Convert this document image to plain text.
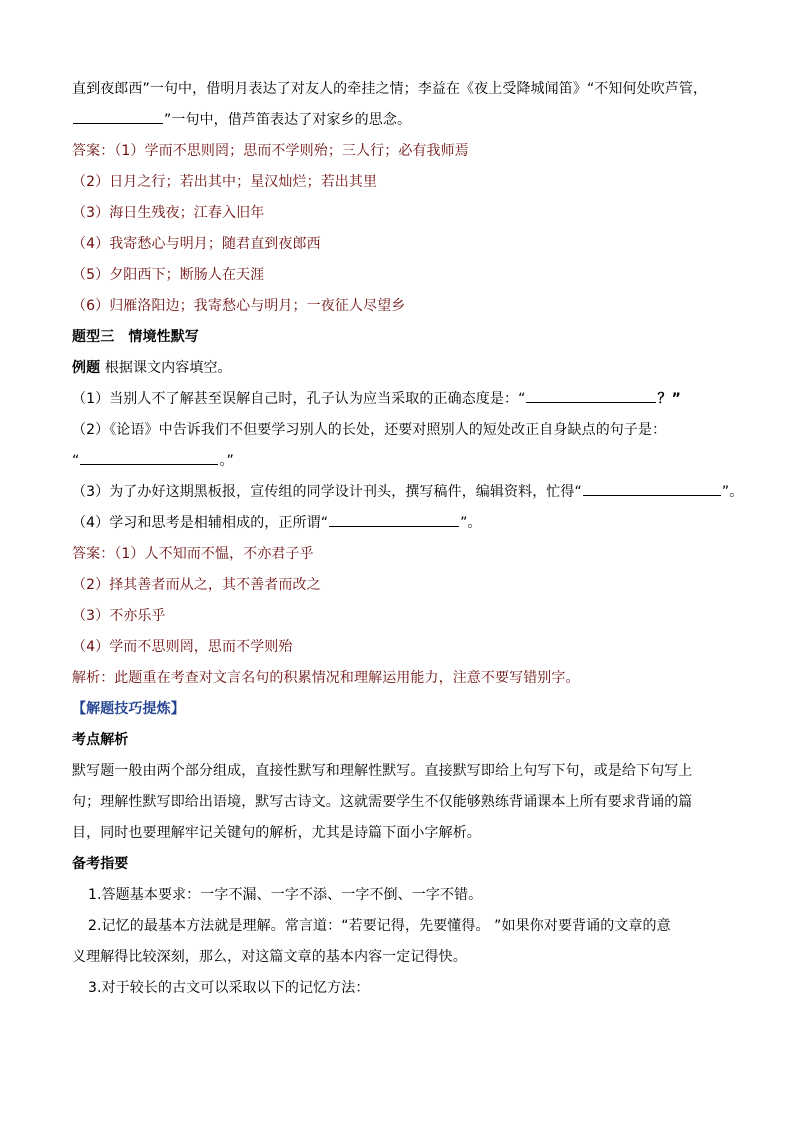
直到夜郎西”一句中，借明月表达了对友人的牵挂之情；李益在《夜上受降城闻笛》“不知何处吹芦管，
”一句中，借芦笛表达了对家乡的思念。
答案：（1）学而不思则罔；思而不学则殆；三人行；必有我师焉
（2）日月之行；若出其中；星汉灿烂；若出其里
（3）海日生残夜；江春入旧年
（4）我寄愁心与明月；随君直到夜郎西
（5）夕阳西下；断肠人在天涯
（6）归雁洛阳边；我寄愁心与明月；一夜征人尽望乡
题型三　情境性默写
例题 根据课文内容填空。
（1）当别人不了解甚至误解自己时，孔子认为应当采取的正确态度是：“	？”
（2）《论语》中告诉我们不但要学习别人的长处，还要对照别人的短处改正自身缺点的句子是：
“	。”
（3）为了办好这期黑板报，宣传组的同学设计刊头，撰写稿件，编辑资料，忙得“	”。
（4）学习和思考是相辅相成的，正所谓“	”。
答案：（1）人不知而不愠，不亦君子乎
（2）择其善者而从之，其不善者而改之
（3）不亦乐乎
（4）学而不思则罔，思而不学则殆
解析：此题重在考查对文言名句的积累情况和理解运用能力，注意不要写错别字。
【解题技巧提炼】
考点解析
默写题一般由两个部分组成，直接性默写和理解性默写。直接默写即给上句写下句，或是给下句写上
句；理解性默写即给出语境，默写古诗文。这就需要学生不仅能够熟练背诵课本上所有要求背诵的篇
目，同时也要理解牢记关键句的解析，尤其是诗篇下面小字解析。
备考指要
1.答题基本要求：一字不漏、一字不添、一字不倒、一字不错。
2.记忆的最基本方法就是理解。常言道：“若要记得，先要懂得。 ”如果你对要背诵的文章的意
义理解得比较深刻，那么，对这篇文章的基本内容一定记得快。
3.对于较长的古文可以采取以下的记忆方法：
